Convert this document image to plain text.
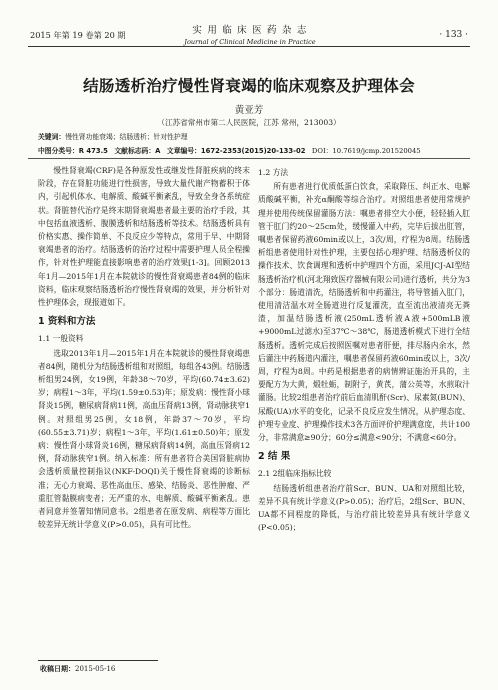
2015 年第 19 卷第 20 期	实 用 临 床 医 药 杂 志
Journal of Clinical Medicine in Practice
· 133 ·
结肠透析治疗慢性肾衰竭的临床观察及护理体会
黄亚芳
（江苏省常州市第二人民医院，江苏 常州，213003）
关键词：慢性肾功能衰竭；结肠透析；针对性护理
中图分类号：R 473.5 文献标志码：A 文章编号：1672-2353(2015)20-133-02 DOI：10.7619/jcmp.201520045

慢性肾衰竭(CRF)是各种原发性或继发性肾脏疾病的终末阶段，存在肾脏功能进行性损害，导致大量代谢产物蓄积于体内，引起机体水、电解质、酸碱平衡紊乱，导致全身各系统症状。肾脏替代治疗是终末期肾衰竭患者最主要的治疗手段，其中包括血液透析、腹膜透析和结肠透析等技术。结肠透析具有价格实惠、操作简单、不良反应少等特点，常用于早、中期肾衰竭患者的治疗。结肠透析的治疗过程中需要护理人员全程操作，针对性护理能直接影响患者的治疗效果[1-3]。回顾2013年1月—2015年1月在本院就诊的慢性肾衰竭患者84例的临床资料，临床观察结肠透析治疗慢性肾衰竭的效果，并分析针对性护理体会，现报道如下。

1 资料和方法
1.1 一般资料

选取2013年1月—2015年1月在本院就诊的慢性肾衰竭患者84例，随机分为结肠透析组和对照组，每组各43例。结肠透析组男24例，女19例，年龄38～70岁，平均(60.74±3.62)岁；病程1～3年，平均(1.59±0.53)年；原发病：慢性肾小球肾炎15例，糖尿病肾病11例，高血压肾病13例，肾动脉狭窄1例。对照组男25例，女18例，年龄37～70岁，平均(60.55±3.71)岁；病程1～3年，平均(1.61±0.50)年；原发病：慢性肾小球肾炎16例，糖尿病肾病14例，高血压肾病12例，肾动脉狭窄1例。纳入标准：所有患者符合美国肾脏病协会透析质量控制指议(NKF-DOQI)关于慢性肾衰竭的诊断标准；无心力衰竭、恶性高血压、感染、结肠炎、恶性肿瘤、严重肛管黏膜病变者；无严重的水、电解质、酸碱平衡紊乱。患者同意并签署知情同意书。2组患者在原发病、病程等方面比较差异无统计学意义(P>0.05)，具有可比性。

1.2 方法

所有患者进行优质低蛋白饮食，采取降压、纠正水、电解质酸碱平衡，补充α酮酸等综合治疗。对照组患者使用常规护理并使用传统保留灌肠方法：嘱患者排空大小便，轻轻插入肛管于肛门约20～25cm处，缓慢灌入中药，完毕后拔出肛管，嘱患者保留药液60min或以上，3次/周，疗程为8周。结肠透析组患者使用针对性护理，主要包括心理护理、结肠透析仪的操作技术、饮食调理和透析中护理四个方面，采用JCJ-AI型结肠透析治疗机(河北翔致医疗器械有限公司)进行透析，共分为3个部分：肠道清洗，结肠透析和中药灌注，将导管插入肛门，使用清洁温水对全肠道进行反复灌洗，直至流出液清亮无粪渣，加温结肠透析液(250mL透析液A液+500mLB液+9000mL过滤水)至37℃～38℃，肠道透析模式下进行全结肠透析。透析完成后按照医嘱对患者肝便，排尽肠内余水，然后灌注中药肠道内灌注，嘱患者保留药液60min或以上，3次/周，疗程为8周。中药是根据患者的病情辨证施治开具的，主要配方为大黄，煅牡蛎，制附子，黄芪，蒲公英等，水煎取汁灌肠。比较2组患者治疗前后血清肌酐(Scr)、尿素氮(BUN)、尿酸(UA)水平的变化，记录不良反应发生情况，从护理态度、护理专业度、护理操作技术3各方面评价护理满意度，共计100分，非常满意≥90分；60分≤满意<90分；不满意<60分。

2 结 果
2.1 2组临床指标比较

结肠透析组患者治疗前Scr、BUN、UA和对照组比较，差异不具有统计学意义(P>0.05)；治疗后，2组Scr、BUN、UA都不同程度的降低，与治疗前比较差异具有统计学意义(P<0.05)；

收稿日期：2015-05-16
